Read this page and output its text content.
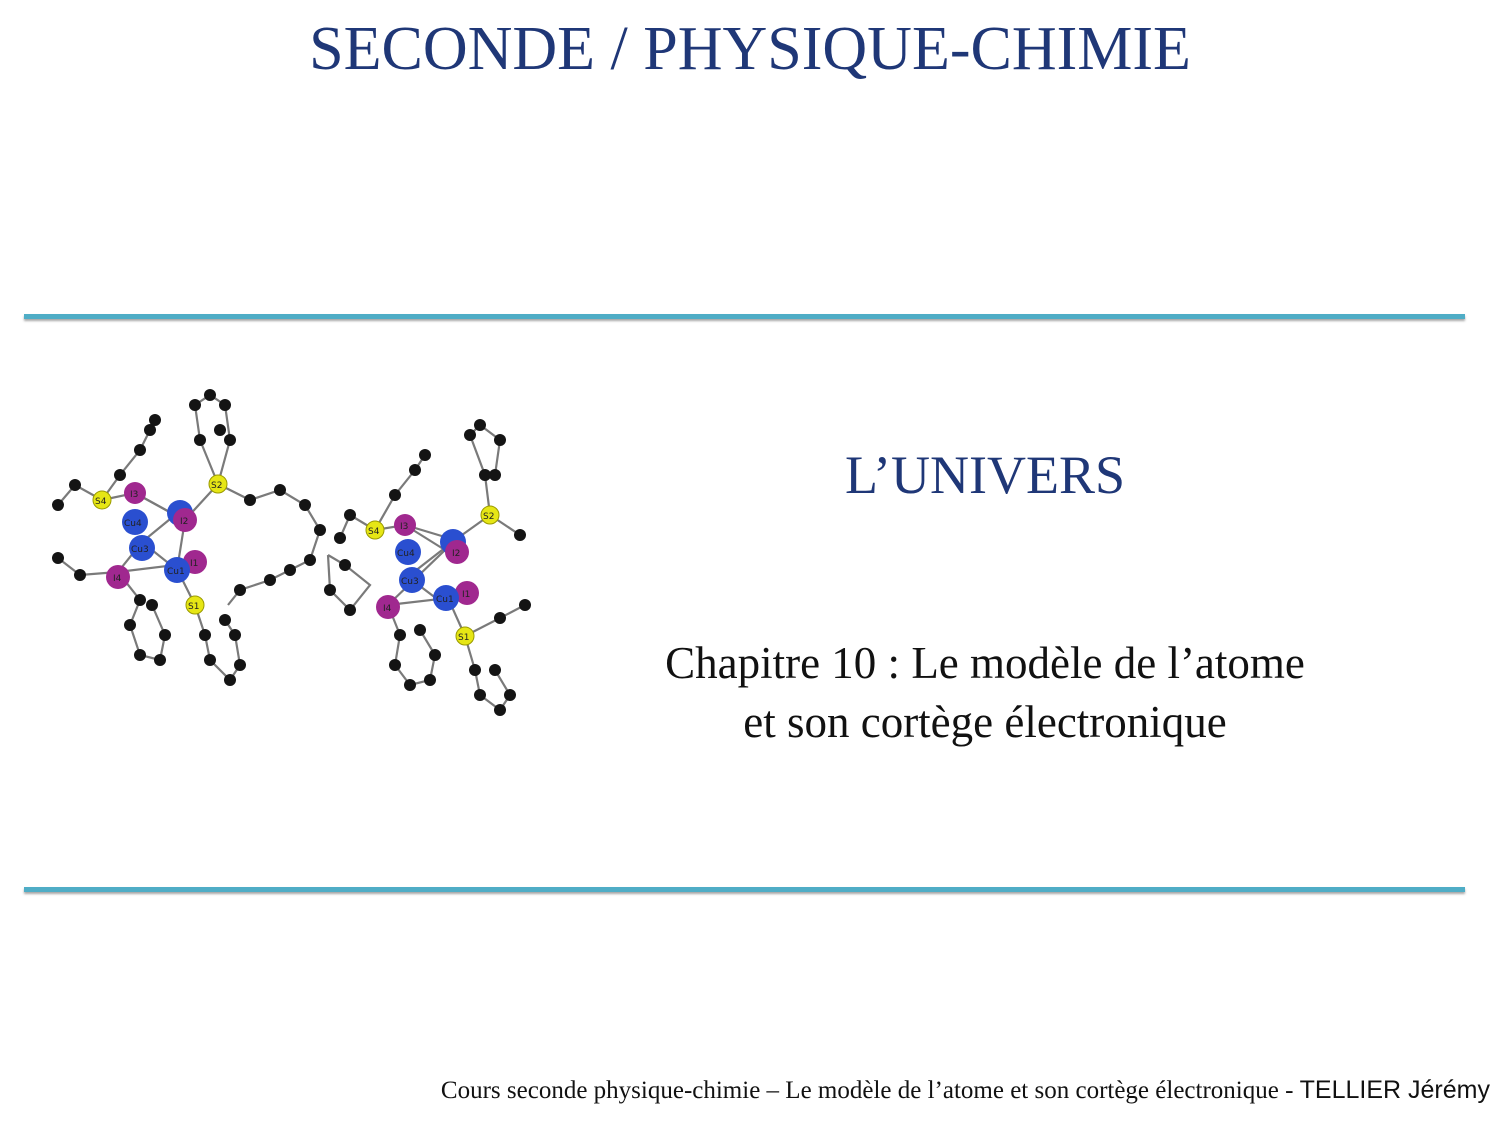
SECONDE / PHYSIQUE-CHIMIE
S2
S4
S1
S4
S2
S1
I3
Cu4	I2
Cu3
I1
Cu1
I4
I3
Cu4	I2
Cu3
I1
Cu1
I4
L’UNIVERS
Chapitre 10 : Le modèle de l’atome
et son cortège électronique
Cours seconde physique-chimie – Le modèle de l’atome et son cortège électronique - TELLIER Jérémy
